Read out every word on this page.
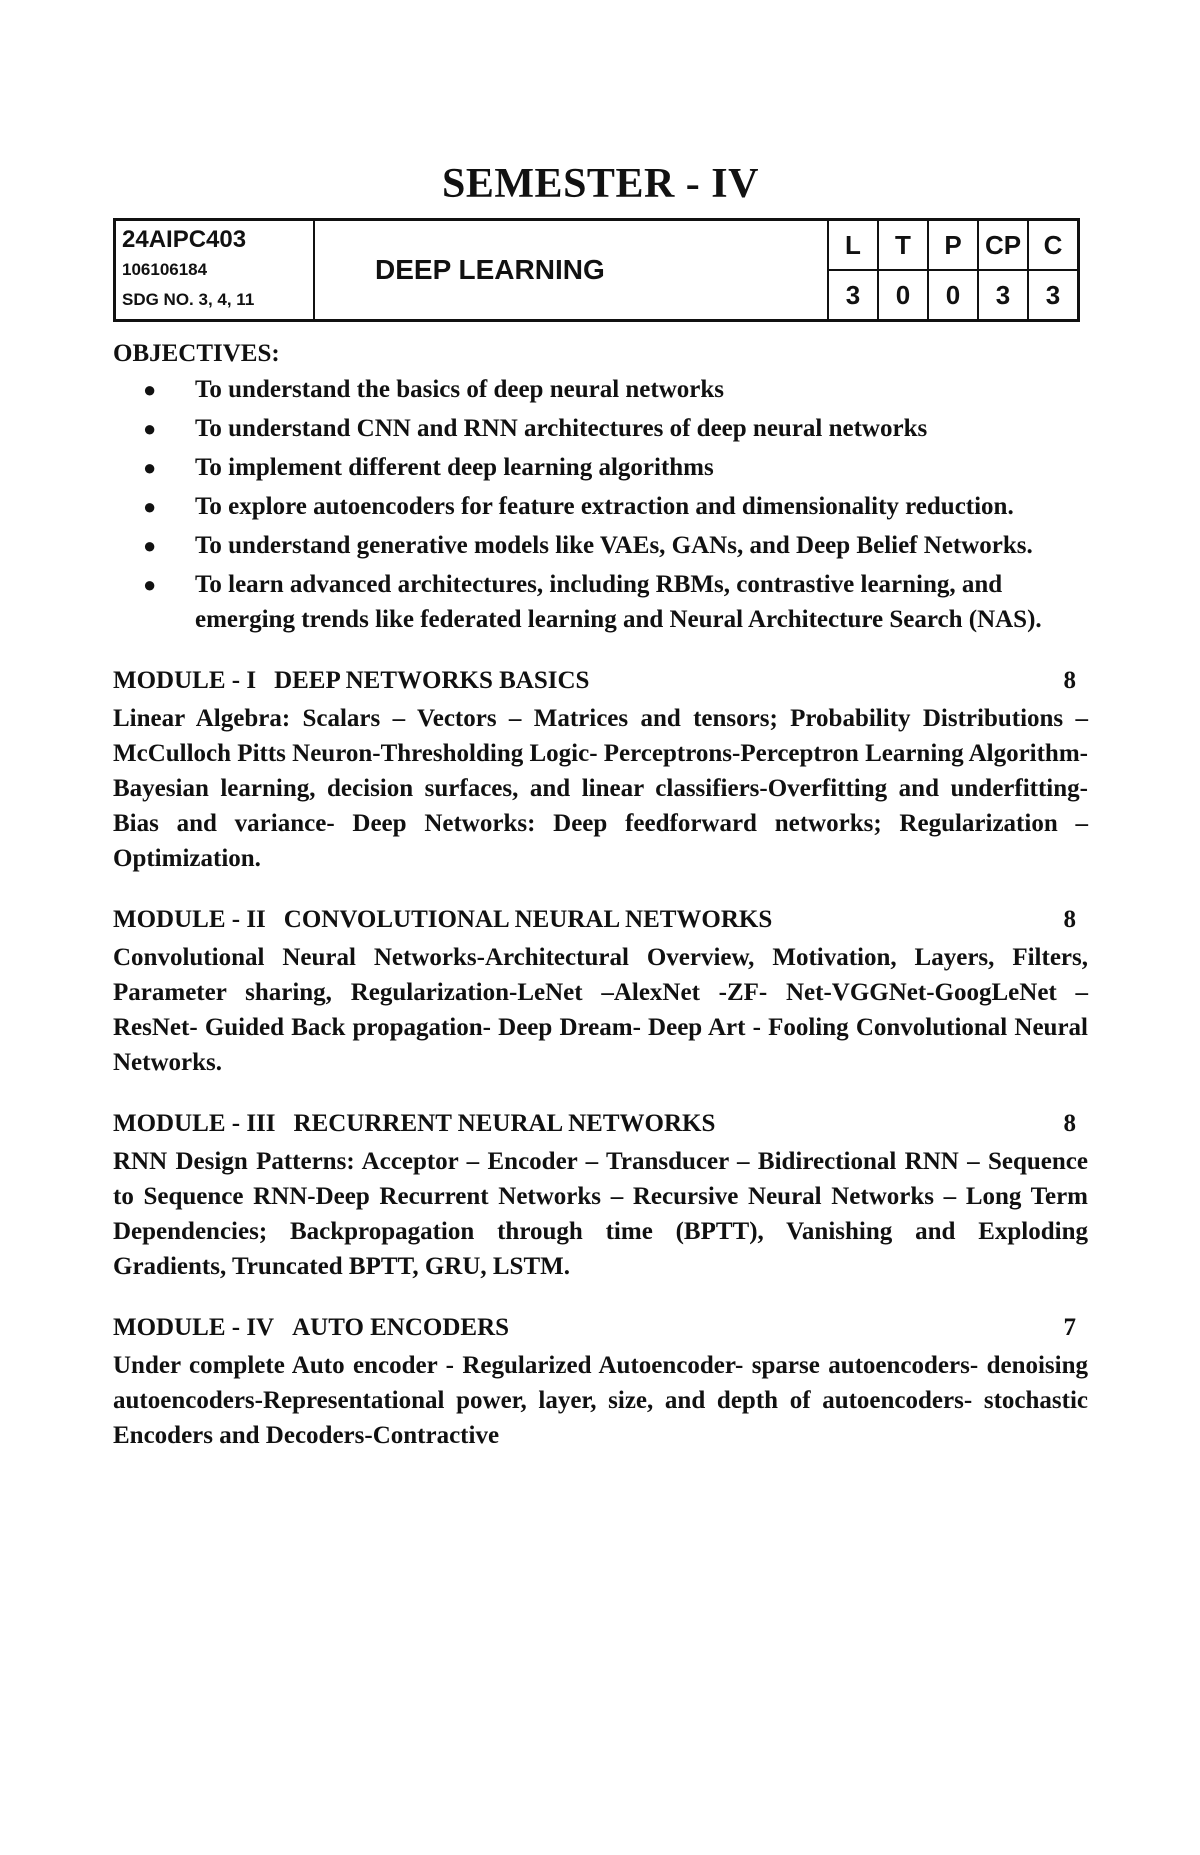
SEMESTER - IV
24AIPC403
106106184
SDG NO. 3, 4, 11	DEEP LEARNING	L	T	P	CP	C
		3	0	0	3	3
OBJECTIVES:
● To understand the basics of deep neural networks
● To understand CNN and RNN architectures of deep neural networks
● To implement different deep learning algorithms
● To explore autoencoders for feature extraction and dimensionality reduction.
● To understand generative models like VAEs, GANs, and Deep Belief Networks.
● To learn advanced architectures, including RBMs, contrastive learning, and emerging trends like federated learning and Neural Architecture Search (NAS).
MODULE - I DEEP NETWORKS BASICS	8
Linear Algebra: Scalars – Vectors – Matrices and tensors; Probability Distributions –McCulloch Pitts Neuron-Thresholding Logic- Perceptrons-Perceptron Learning Algorithm-Bayesian learning, decision surfaces, and linear classifiers-Overfitting and underfitting-Bias and variance- Deep Networks: Deep feedforward networks; Regularization – Optimization.
MODULE - II CONVOLUTIONAL NEURAL NETWORKS	8
Convolutional Neural Networks-Architectural Overview, Motivation, Layers, Filters, Parameter sharing, Regularization-LeNet –AlexNet -ZF- Net-VGGNet-GoogLeNet –ResNet- Guided Back propagation- Deep Dream- Deep Art - Fooling Convolutional Neural Networks.
MODULE - III RECURRENT NEURAL NETWORKS	8
RNN Design Patterns: Acceptor – Encoder – Transducer – Bidirectional RNN – Sequence to Sequence RNN-Deep Recurrent Networks – Recursive Neural Networks – Long Term Dependencies; Backpropagation through time (BPTT), Vanishing and Exploding Gradients, Truncated BPTT, GRU, LSTM.
MODULE - IV AUTO ENCODERS	7
Under complete Auto encoder - Regularized Autoencoder- sparse autoencoders- denoising autoencoders-Representational power, layer, size, and depth of autoencoders- stochastic Encoders and Decoders-Contractive
